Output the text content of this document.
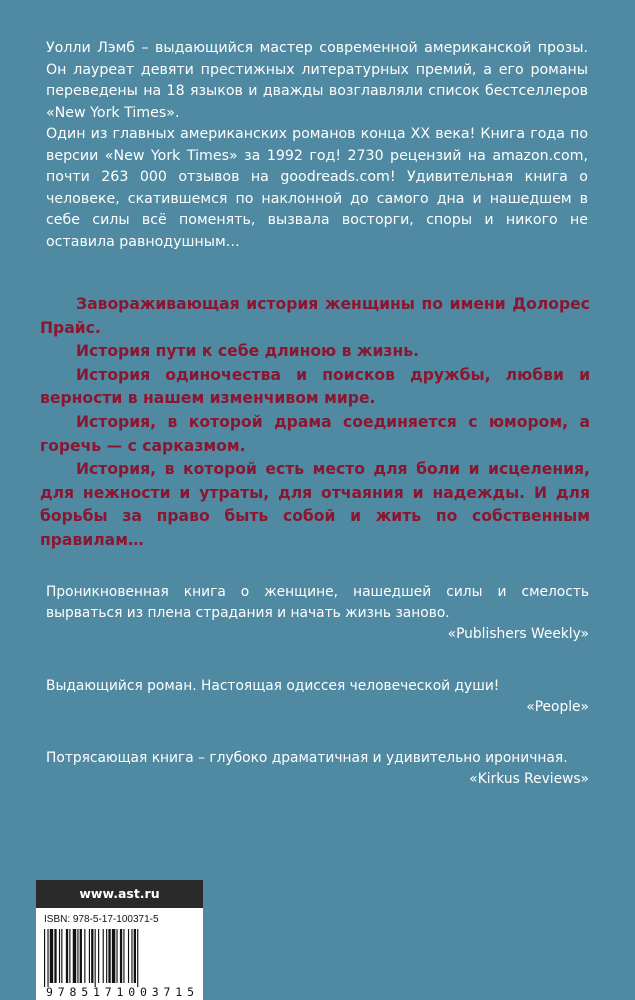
Уолли Лэмб – выдающийся мастер современной американской прозы. Он лауреат девяти престижных литературных премий, а его романы переведены на 18 языков и дважды возглавляли список бестселлеров «New York Times».

Один из главных американских романов конца XX века! Книга года по версии «New York Times» за 1992 год! 2730 рецензий на amazon.com, почти 263 000 отзывов на goodreads.com! Удивительная книга о человеке, скатившемся по наклонной до самого дна и нашедшем в себе силы всё поменять, вызвала восторги, споры и никого не оставила равнодушным…

Завораживающая история женщины по имени Долорес Прайс.

История пути к себе длиною в жизнь.

История одиночества и поисков дружбы, любви и верности в нашем изменчивом мире.

История, в которой драма соединяется с юмором, а горечь — с сарказмом.

История, в которой есть место для боли и исцеления, для нежности и утраты, для отчаяния и надежды. И для борьбы за право быть собой и жить по собственным правилам…

Проникновенная книга о женщине, нашедшей силы и смелость вырваться из плена страдания и начать жизнь заново.

«Publishers Weekly»

Выдающийся роман. Настоящая одиссея человеческой души!

«People»

Потрясающая книга – глубоко драматичная и удивительно ироничная.

«Kirkus Reviews»

www.ast.ru
ISBN: 978-5-17-100371-5
9785171003715
